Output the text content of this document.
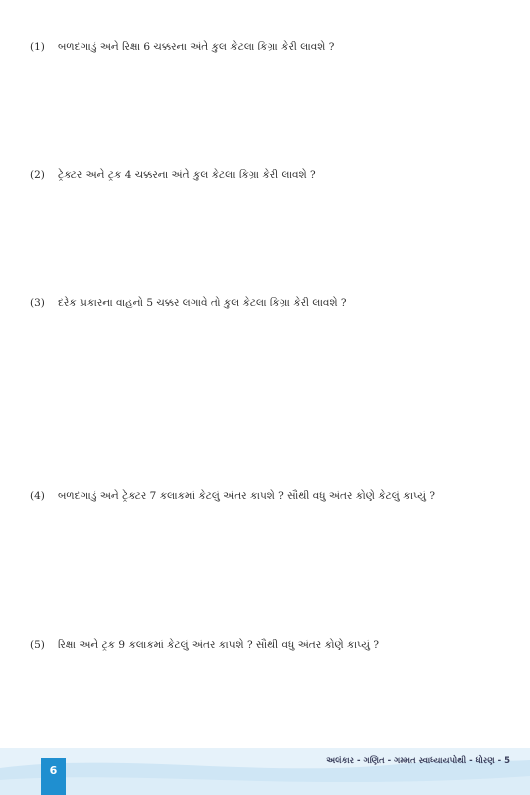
(1) બળદગાડું અને રિક્ષા 6 ચક્કરના અંતે કુલ કેટલા કિગ્રા કેરી લાવશે ?
(2) ટ્રેક્ટર અને ટ્રક 4 ચક્કરના અંતે કુલ કેટલા કિગ્રા કેરી લાવશે ?
(3) દરેક પ્રકારના વાહનો 5 ચક્કર લગાવે તો કુલ કેટલા કિગ્રા કેરી લાવશે ?
(4) બળદગાડું અને ટ્રેક્ટર 7 કલાકમાં કેટલું અંતર કાપશે ? સૌથી વધુ અંતર કોણે કેટલું કાપ્યું ?
(5) રિક્ષા અને ટ્રક 9 કલાકમાં કેટલું અંતર કાપશે ? સૌથી વધુ અંતર કોણે કાપ્યું ?
અલંકાર - ગણિત - ગમ્મત સ્વાધ્યાયપોથી - ધોરણ - 5
6
